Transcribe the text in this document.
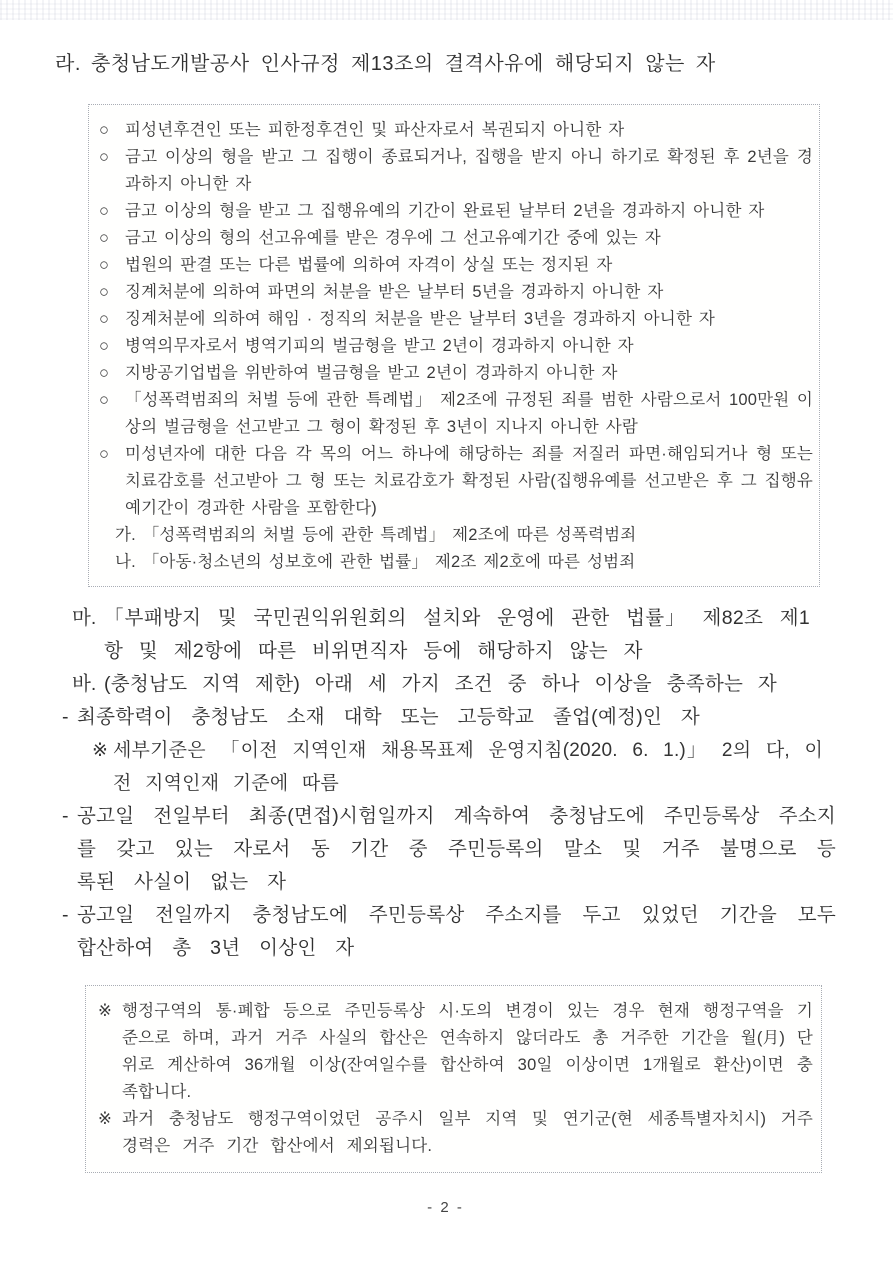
라. 충청남도개발공사 인사규정 제13조의 결격사유에 해당되지 않는 자
○ 피성년후견인 또는 피한정후견인 및 파산자로서 복권되지 아니한 자
○ 금고 이상의 형을 받고 그 집행이 종료되거나, 집행을 받지 아니 하기로 확정된 후 2년을 경과하지 아니한 자
○ 금고 이상의 형을 받고 그 집행유예의 기간이 완료된 날부터 2년을 경과하지 아니한 자
○ 금고 이상의 형의 선고유예를 받은 경우에 그 선고유예기간 중에 있는 자
○ 법원의 판결 또는 다른 법률에 의하여 자격이 상실 또는 정지된 자
○ 징계처분에 의하여 파면의 처분을 받은 날부터 5년을 경과하지 아니한 자
○ 징계처분에 의하여 해임 · 정직의 처분을 받은 날부터 3년을 경과하지 아니한 자
○ 병역의무자로서 병역기피의 벌금형을 받고 2년이 경과하지 아니한 자
○ 지방공기업법을 위반하여 벌금형을 받고 2년이 경과하지 아니한 자
○ 「성폭력범죄의 처벌 등에 관한 특례법」 제2조에 규정된 죄를 범한 사람으로서 100만원 이상의 벌금형을 선고받고 그 형이 확정된 후 3년이 지나지 아니한 사람
○ 미성년자에 대한 다음 각 목의 어느 하나에 해당하는 죄를 저질러 파면·해임되거나 형 또는 치료감호를 선고받아 그 형 또는 치료감호가 확정된 사람(집행유예를 선고받은 후 그 집행유예기간이 경과한 사람을 포함한다)
가. 「성폭력범죄의 처벌 등에 관한 특례법」 제2조에 따른 성폭력범죄
나. 「아동·청소년의 성보호에 관한 법률」 제2조 제2호에 따른 성범죄
마. 「부패방지 및 국민권익위원회의 설치와 운영에 관한 법률」 제82조 제1항 및 제2항에 따른 비위면직자 등에 해당하지 않는 자
바. (충청남도 지역 제한) 아래 세 가지 조건 중 하나 이상을 충족하는 자
- 최종학력이 충청남도 소재 대학 또는 고등학교 졸업(예정)인 자
※ 세부기준은 「이전 지역인재 채용목표제 운영지침(2020. 6. 1.)」 2의 다, 이전 지역인재 기준에 따름
- 공고일 전일부터 최종(면접)시험일까지 계속하여 충청남도에 주민등록상 주소지를 갖고 있는 자로서 동 기간 중 주민등록의 말소 및 거주 불명으로 등록된 사실이 없는 자
- 공고일 전일까지 충청남도에 주민등록상 주소지를 두고 있었던 기간을 모두 합산하여 총 3년 이상인 자
※ 행정구역의 통·폐합 등으로 주민등록상 시·도의 변경이 있는 경우 현재 행정구역을 기준으로 하며, 과거 거주 사실의 합산은 연속하지 않더라도 총 거주한 기간을 월(月) 단위로 계산하여 36개월 이상(잔여일수를 합산하여 30일 이상이면 1개월로 환산)이면 충족합니다.
※ 과거 충청남도 행정구역이었던 공주시 일부 지역 및 연기군(현 세종특별자치시) 거주 경력은 거주 기간 합산에서 제외됩니다.
- 2 -
